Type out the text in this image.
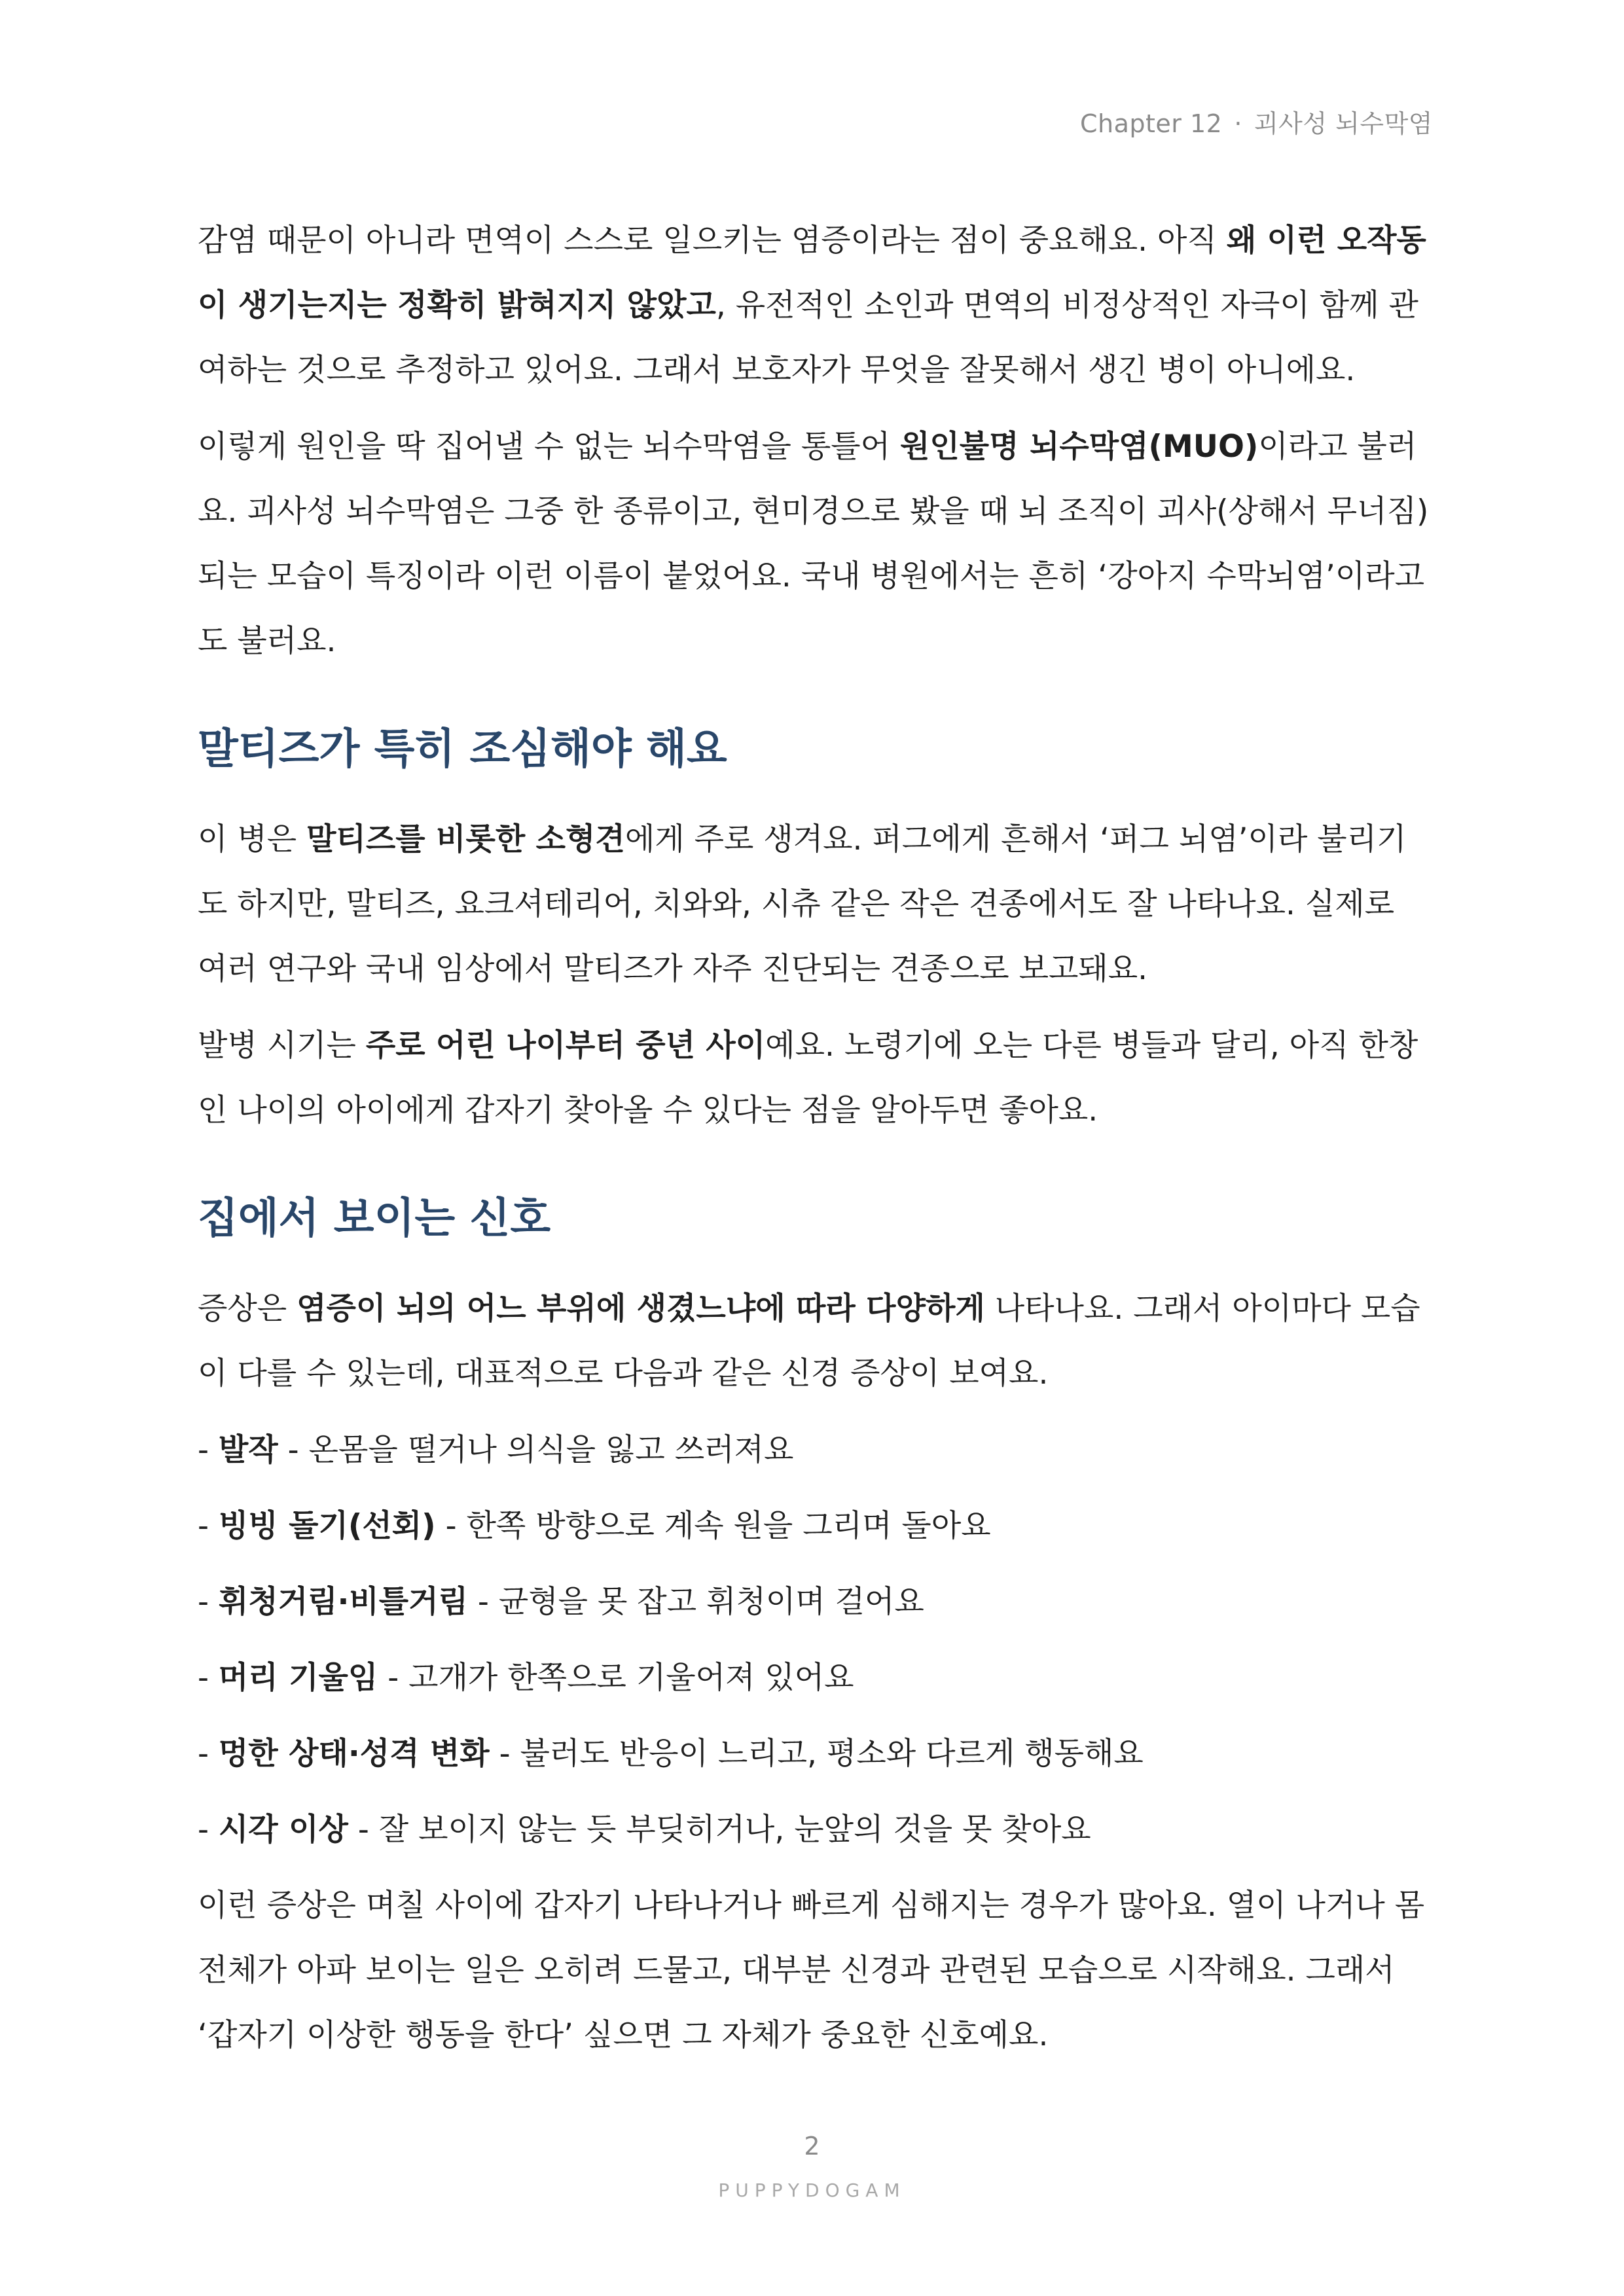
Chapter 12 · 괴사성 뇌수막염

감염 때문이 아니라 면역이 스스로 일으키는 염증이라는 점이 중요해요. 아직 왜 이런 오작동이 생기는지는 정확히 밝혀지지 않았고, 유전적인 소인과 면역의 비정상적인 자극이 함께 관여하는 것으로 추정하고 있어요. 그래서 보호자가 무엇을 잘못해서 생긴 병이 아니에요.

이렇게 원인을 딱 집어낼 수 없는 뇌수막염을 통틀어 원인불명 뇌수막염(MUO)이라고 불러요. 괴사성 뇌수막염은 그중 한 종류이고, 현미경으로 봤을 때 뇌 조직이 괴사(상해서 무너짐)되는 모습이 특징이라 이런 이름이 붙었어요. 국내 병원에서는 흔히 ‘강아지 수막뇌염’이라고도 불러요.

말티즈가 특히 조심해야 해요

이 병은 말티즈를 비롯한 소형견에게 주로 생겨요. 퍼그에게 흔해서 ‘퍼그 뇌염’이라 불리기도 하지만, 말티즈, 요크셔테리어, 치와와, 시츄 같은 작은 견종에서도 잘 나타나요. 실제로 여러 연구와 국내 임상에서 말티즈가 자주 진단되는 견종으로 보고돼요.

발병 시기는 주로 어린 나이부터 중년 사이예요. 노령기에 오는 다른 병들과 달리, 아직 한창인 나이의 아이에게 갑자기 찾아올 수 있다는 점을 알아두면 좋아요.

집에서 보이는 신호

증상은 염증이 뇌의 어느 부위에 생겼느냐에 따라 다양하게 나타나요. 그래서 아이마다 모습이 다를 수 있는데, 대표적으로 다음과 같은 신경 증상이 보여요.

- 발작 - 온몸을 떨거나 의식을 잃고 쓰러져요

- 빙빙 돌기(선회) - 한쪽 방향으로 계속 원을 그리며 돌아요

- 휘청거림·비틀거림 - 균형을 못 잡고 휘청이며 걸어요

- 머리 기울임 - 고개가 한쪽으로 기울어져 있어요

- 멍한 상태·성격 변화 - 불러도 반응이 느리고, 평소와 다르게 행동해요

- 시각 이상 - 잘 보이지 않는 듯 부딪히거나, 눈앞의 것을 못 찾아요

이런 증상은 며칠 사이에 갑자기 나타나거나 빠르게 심해지는 경우가 많아요. 열이 나거나 몸 전체가 아파 보이는 일은 오히려 드물고, 대부분 신경과 관련된 모습으로 시작해요. 그래서 ‘갑자기 이상한 행동을 한다’ 싶으면 그 자체가 중요한 신호예요.

2
PUPPYDOGAM
